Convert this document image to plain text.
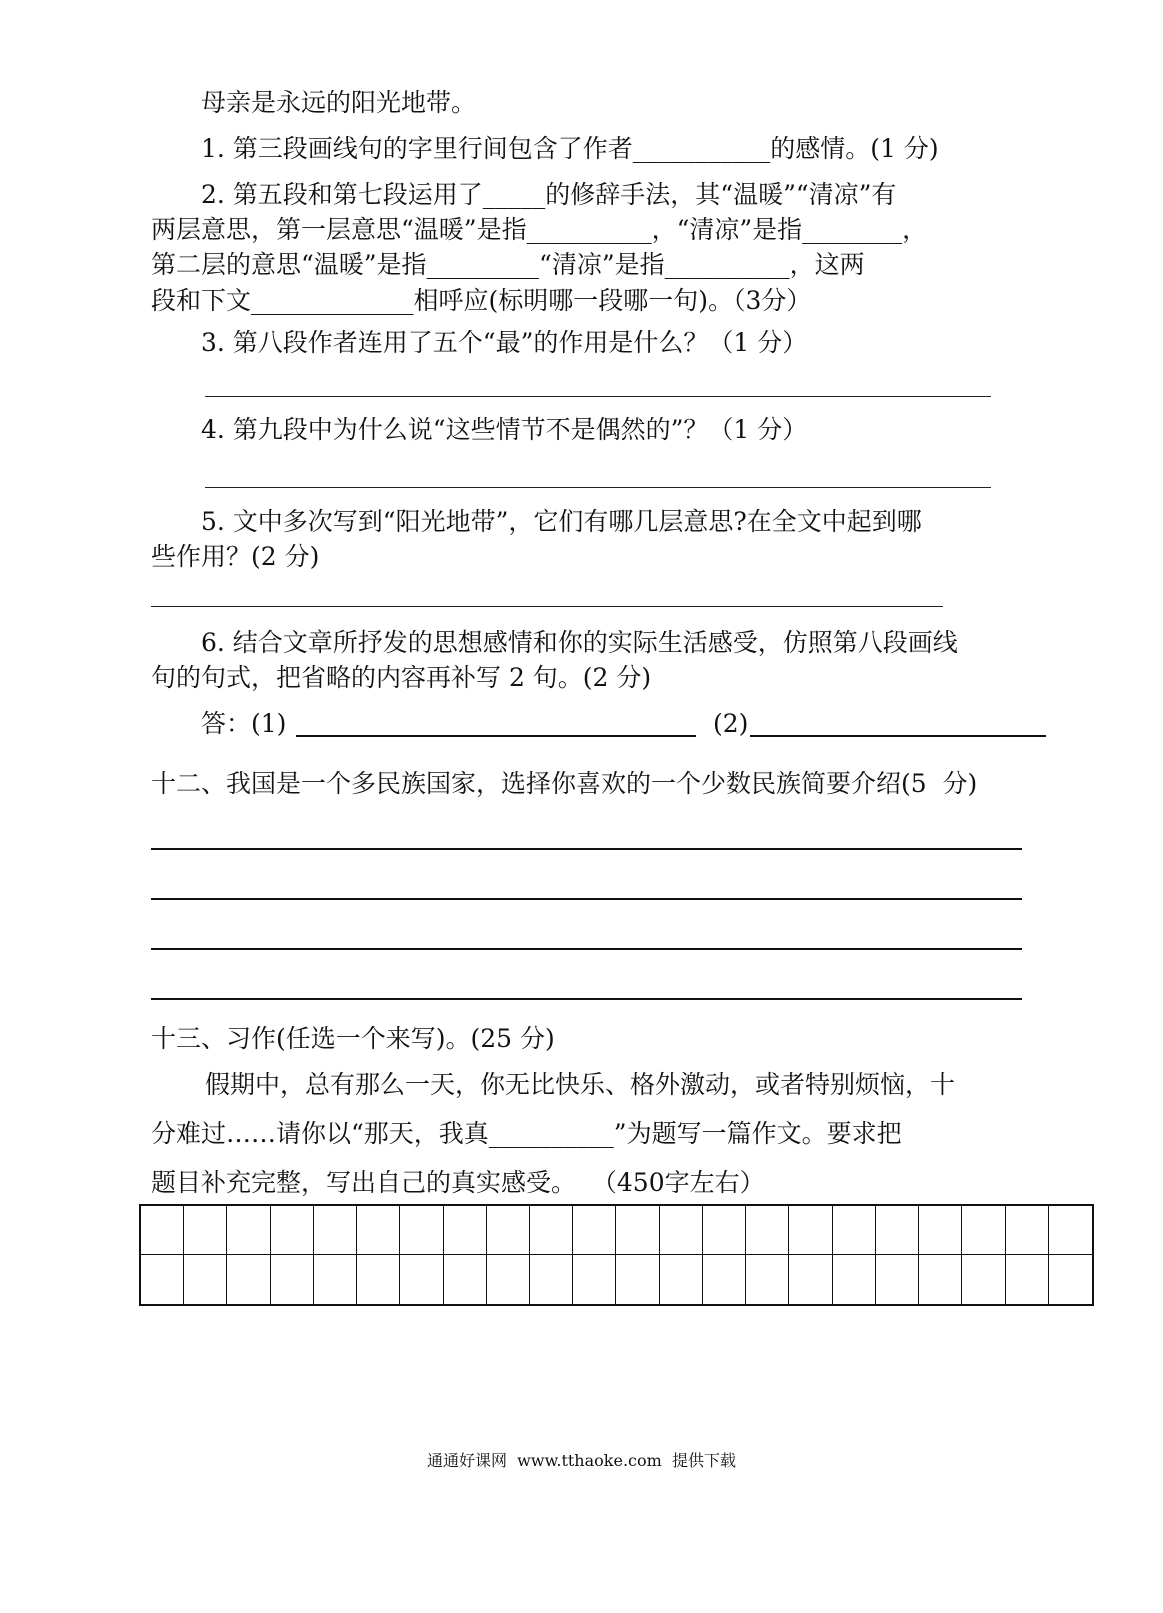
母亲是永远的阳光地带。
1. 第三段画线句的字里行间包含了作者___________的感情。(1 分)
2. 第五段和第七段运用了_____的修辞手法，其“温暖”“清凉”有
两层意思，第一层意思“温暖”是指__________，“清凉”是指________，
第二层的意思“温暖”是指_________“清凉”是指__________，这两
段和下文_____________相呼应(标明哪一段哪一句)。（3分）
3. 第八段作者连用了五个“最”的作用是什么？（1 分）
4. 第九段中为什么说“这些情节不是偶然的”？（1 分）
5. 文中多次写到“阳光地带”，它们有哪几层意思?在全文中起到哪
些作用？(2 分)
6. 结合文章所抒发的思想感情和你的实际生活感受，仿照第八段画线
句的句式，把省略的内容再补写 2 句。(2 分)
答：(1)	(2)
十二、我国是一个多民族国家，选择你喜欢的一个少数民族简要介绍(5  分)
十三、习作(任选一个来写)。(25 分)
假期中，总有那么一天，你无比快乐、格外激动，或者特别烦恼，十
分难过……请你以“那天，我真__________”为题写一篇作文。要求把
题目补充完整，写出自己的真实感受。  （450字左右）
通通好课网  www.tthaoke.com  提供下载
